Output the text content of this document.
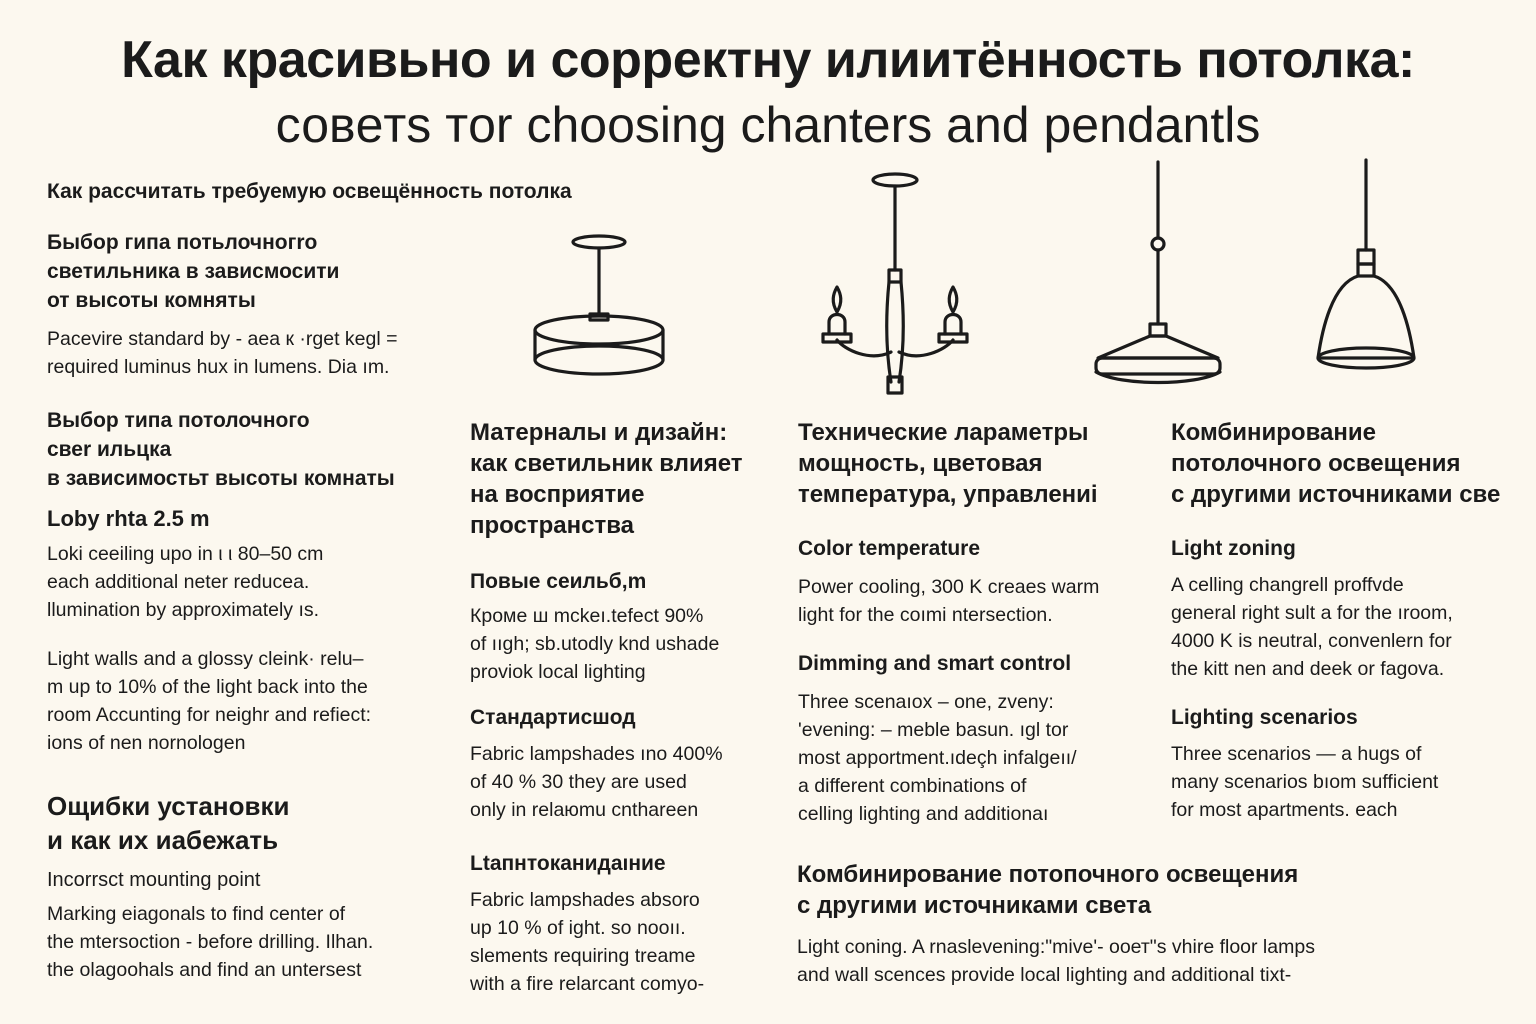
Как красивьно и сорректну илиитённость потолка:
совeтs тor choosing chanters and pendantls
Как рассчитать требуемую освещённость потолка
Быбор гипа потьлочногrо
светильника в зависмосити
от высоты комняты
Pacevire standard by - aea к ·rget kegl =
required luminus hux in lumens. Dia ım.
Выбор типа потолочного
свеr ильцкa
в завиcимостьт высоты комнаты
Loby rhta 2.5 m
Loki ceeiling upo in ι ι 80–50 cm
each additional neter reducea.
llumination by approximately ıs.
Light walls and a glossy cleink· relu–
m up to 10% of the light back into the
room Accunting for neighr and refiect:
ions of nen nornologen
Ощибки установки
и как их иабежать
Incorrsct mounting point
Marking eiagonals to find center of
the mtersoction - before drilling. Ilhan.
the olagoohals and find an untersest
Матерналы и дизайн:
как светильник влияет
на восприятие
пространства
Повые сеильб,m
Кроме ш mckeı.tefect 90%
of ııgh; sb.utodly knd ushade
proviok local lighting
Стандартисшод
Fabric lampshades ıno 400%
of 40 % 30 they are used
only in relaюmu cnthareen
Ltaпнтоканидаıние
Fabric lampshades absoro
up 10 % of ight. so nooıı.
slements requiring treame
with a fire relarcant comyo-
Технические лараметры
мощность, цветовая
температура, управлениi
Color temperature
Power cooling, 300 K creaes warm
light for the coımi ntersection.
Dimming and smart control
Three scenaıox – one, zveny:
'evening: – meble basun. ıgl tor
most apportment.ıdeçh infalgeıı/
a different combinations of
celling lighting and additionaı
Комбинирование
потолочного освещения
с другими источниками све
Light zoning
A celling changrell proffvde
general right sult a for the ıroom,
4000 K is neutral, convenlern for
the kitt nen and deek or fagova.
Lighting scenarios
Three scenarios — a hugs of
many scenarios bıom sufficient
for most apartments. each
Комбинирование потопочного освещения
с другими источниками света
Light coning. A rnaslevening:"mive'- ооет"s vhire floor lamps
and wall scences provide local lighting and additional tixt-
